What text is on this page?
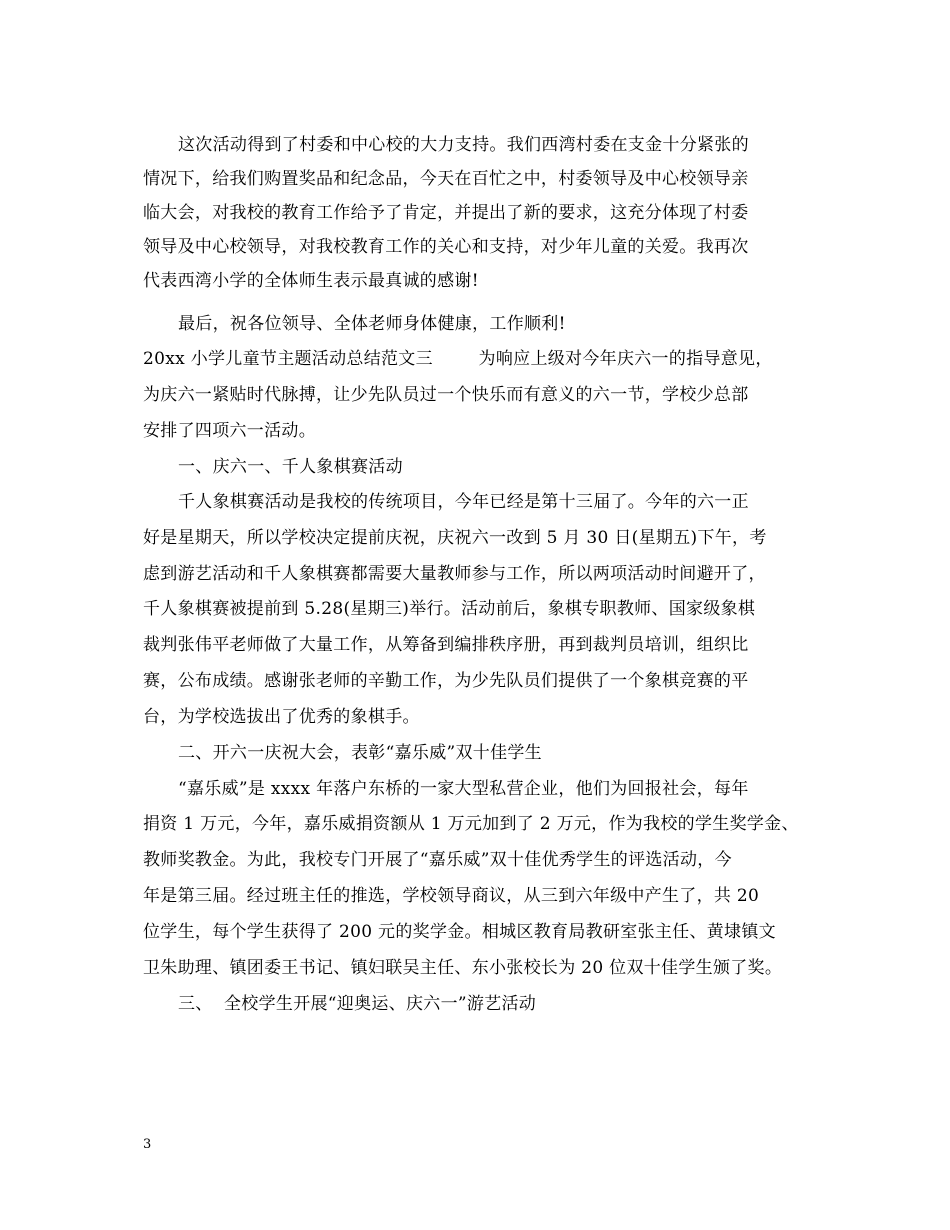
这次活动得到了村委和中心校的大力支持。我们西湾村委在支金十分紧张的
情况下，给我们购置奖品和纪念品，今天在百忙之中，村委领导及中心校领导亲
临大会，对我校的教育工作给予了肯定，并提出了新的要求，这充分体现了村委
领导及中心校领导，对我校教育工作的关心和支持，对少年儿童的关爱。我再次
代表西湾小学的全体师生表示最真诚的感谢!
最后，祝各位领导、全体老师身体健康，工作顺利!
20xx 小学儿童节主题活动总结范文三        为响应上级对今年庆六一的指导意见，
为庆六一紧贴时代脉搏，让少先队员过一个快乐而有意义的六一节，学校少总部
安排了四项六一活动。
一、庆六一、千人象棋赛活动
千人象棋赛活动是我校的传统项目，今年已经是第十三届了。今年的六一正
好是星期天，所以学校决定提前庆祝，庆祝六一改到 5 月 30 日(星期五)下午，考
虑到游艺活动和千人象棋赛都需要大量教师参与工作，所以两项活动时间避开了，
千人象棋赛被提前到 5.28(星期三)举行。活动前后，象棋专职教师、国家级象棋
裁判张伟平老师做了大量工作，从筹备到编排秩序册，再到裁判员培训，组织比
赛，公布成绩。感谢张老师的辛勤工作，为少先队员们提供了一个象棋竞赛的平
台，为学校选拔出了优秀的象棋手。
二、开六一庆祝大会，表彰“嘉乐威”双十佳学生
“嘉乐威”是 xxxx 年落户东桥的一家大型私营企业，他们为回报社会，每年
捐资 1 万元，今年，嘉乐威捐资额从 1 万元加到了 2 万元，作为我校的学生奖学金、
教师奖教金。为此，我校专门开展了“嘉乐威”双十佳优秀学生的评选活动，今
年是第三届。经过班主任的推选，学校领导商议，从三到六年级中产生了，共 20
位学生，每个学生获得了 200 元的奖学金。相城区教育局教研室张主任、黄埭镇文
卫朱助理、镇团委王书记、镇妇联吴主任、东小张校长为 20 位双十佳学生颁了奖。
三、  全校学生开展“迎奥运、庆六一”游艺活动
3
